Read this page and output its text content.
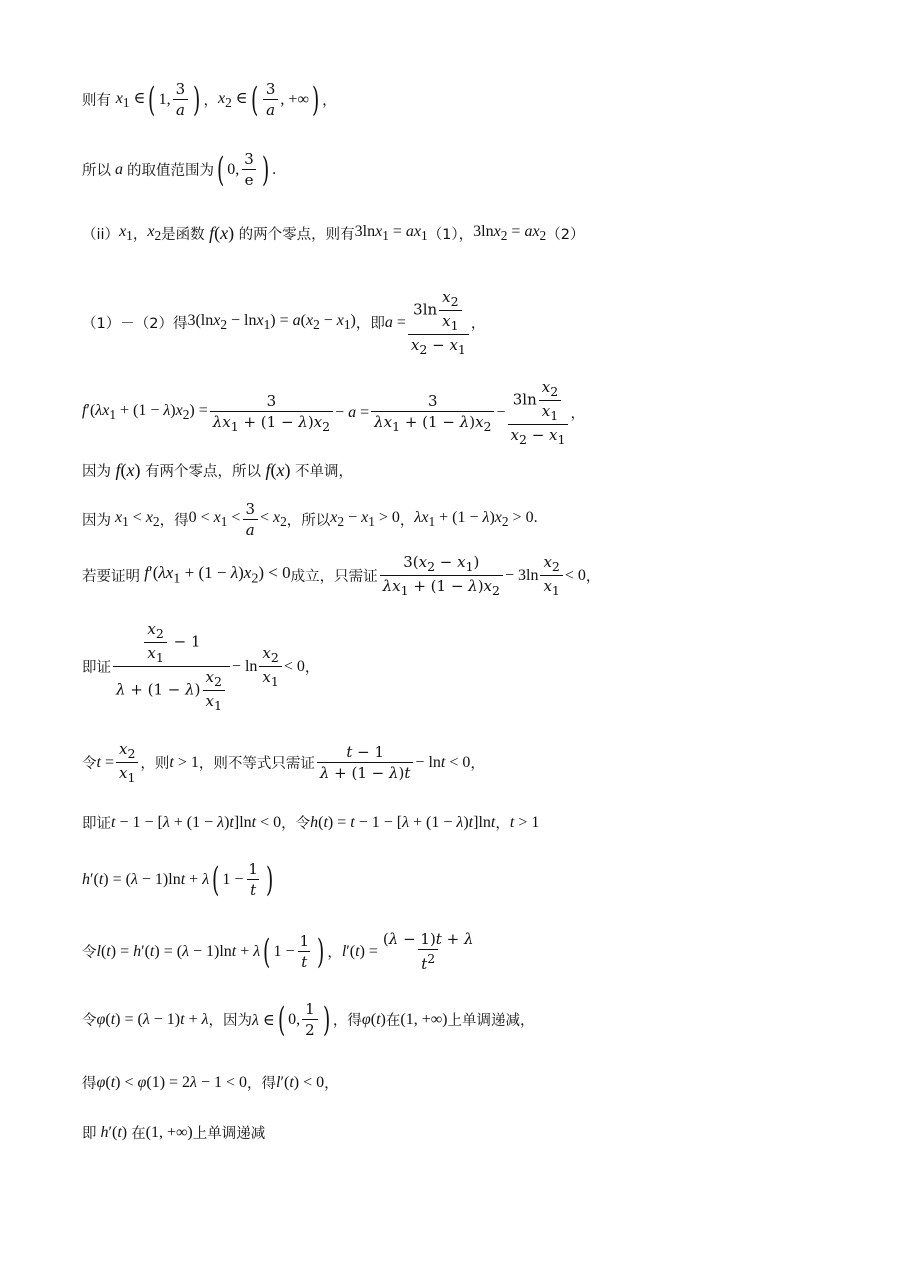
则有
$x_1$ ∈ ( 1, $\frac{3}{a}$ ) ， $x_2$ ∈ ( $\frac{3}{a}$ , +∞ ) ，
所以 a 的取值范围为 ( 0, $\frac{3}{e}$ ) .
（ii） $x_1$ ， $x_2$ 是函数 f(x) 的两个零点，则有 $3\ln x_1 = ax_1$ （1）， $3\ln x_2 = ax_2$ （2）
（1）－（2）得 $3(\ln x_2 - \ln x_1) = a(x_2 - x_1)$ ，即 $a = \frac{3\ln \frac{x_2}{x_1}}{x_2 - x_1}$ ，
$f'(\lambda x_1 + (1 - \lambda)x_2) = \frac{3}{\lambda x_1 + (1 - \lambda)x_2} - a = \frac{3}{\lambda x_1 + (1 - \lambda)x_2} - \frac{3\ln \frac{x_2}{x_1}}{x_2 - x_1}$ ，
因为 f(x) 有两个零点，所以 f(x) 不单调，
因为 $x_1 < x_2$ ，得 $0 < x_1 < \frac{3}{a} < x_2$ ，所以 $x_2 - x_1 > 0$ ， $\lambda x_1 + (1 - \lambda)x_2 > 0$.
若要证明 $f'(\lambda x_1 + (1 - \lambda)x_2) < 0$ 成立，只需证 $\frac{3(x_2 - x_1)}{\lambda x_1 + (1 - \lambda)x_2} - 3\ln \frac{x_2}{x_1} < 0$ ，
即证 $\frac{\frac{x_2}{x_1} - 1}{\lambda + (1 - \lambda) \frac{x_2}{x_1}} - \ln \frac{x_2}{x_1} < 0$ ，
令 $t = \frac{x_2}{x_1}$ ，则 t > 1 ，则不等式只需证 $\frac{t - 1}{\lambda + (1 - \lambda)t} - \ln t < 0$ ，
即证 t − 1 − [λ + (1 − λ)t]lnt < 0 ，令 h(t) = t − 1 − [λ + (1 − λ)t]lnt ， t > 1
h′(t) = (λ − 1)lnt + λ ( $1 - \frac{1}{t}$ )
令 l(t) = h′(t) = (λ − 1)lnt + λ ( $1 - \frac{1}{t}$ ) ， $l'(t) = \frac{(\lambda - 1)t + \lambda}{t^2}$
令 φ(t) = (λ − 1)t + λ ，因为 λ ∈ ( 0, $\frac{1}{2}$ ) ，得 φ(t) 在 (1, +∞) 上单调递减，
得 φ(t) < φ(1) = 2λ − 1 < 0 ，得 l′(t) < 0 ，
即 h′(t) 在 (1, +∞) 上单调递减
